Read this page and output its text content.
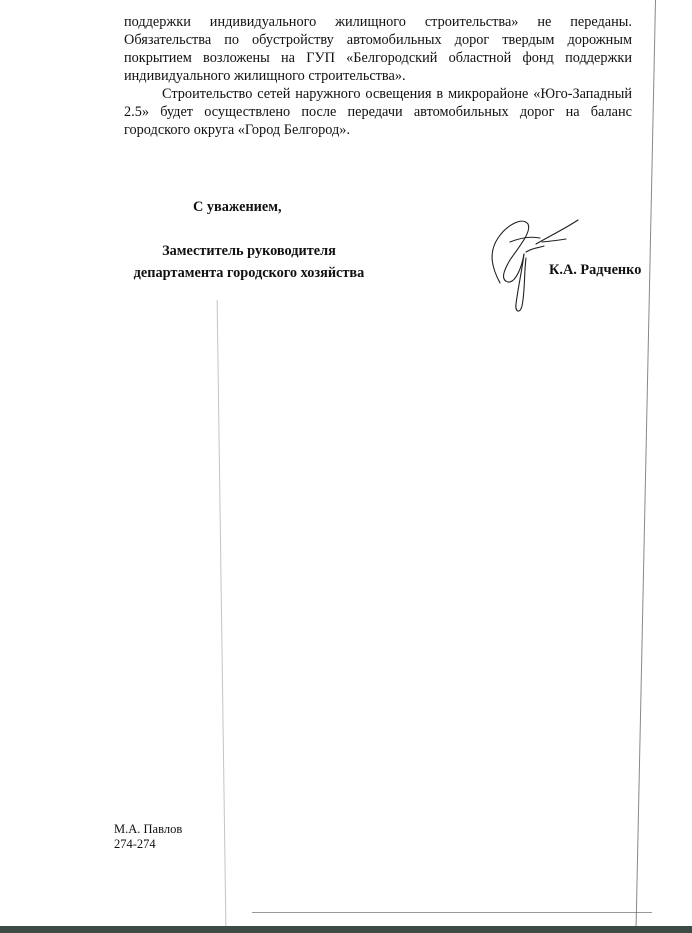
поддержки индивидуального жилищного строительства» не переданы. Обязательства по обустройству автомобильных дорог твердым дорожным покрытием возложены на ГУП «Белгородский областной фонд поддержки индивидуального жилищного строительства».

Строительство сетей наружного освещения в микрорайоне «Юго-Западный 2.5» будет осуществлено после передачи автомобильных дорог на баланс городского округа «Город Белгород».

С уважением,
Заместитель руководителя
департамента городского хозяйства	К.А. Радченко
М.А. Павлов
274-274
